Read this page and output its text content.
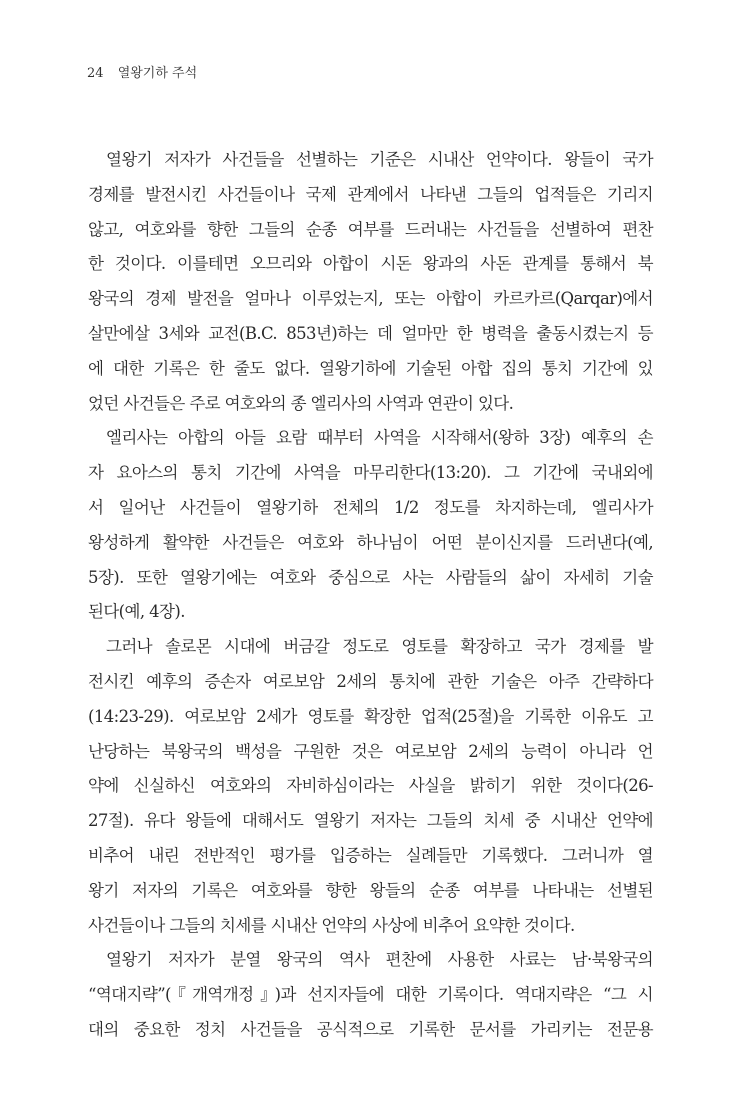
24 열왕기하 주석
열왕기 저자가 사건들을 선별하는 기준은 시내산 언약이다. 왕들이 국가
경제를 발전시킨 사건들이나 국제 관계에서 나타낸 그들의 업적들은 기리지
않고, 여호와를 향한 그들의 순종 여부를 드러내는 사건들을 선별하여 편찬
한 것이다. 이를테면 오므리와 아합이 시돈 왕과의 사돈 관계를 통해서 북
왕국의 경제 발전을 얼마나 이루었는지, 또는 아합이 카르카르(Qarqar)에서
살만에살 3세와 교전(B.C. 853년)하는 데 얼마만 한 병력을 출동시켰는지 등
에 대한 기록은 한 줄도 없다. 열왕기하에 기술된 아합 집의 통치 기간에 있
었던 사건들은 주로 여호와의 종 엘리사의 사역과 연관이 있다.
엘리사는 아합의 아들 요람 때부터 사역을 시작해서(왕하 3장) 예후의 손
자 요아스의 통치 기간에 사역을 마무리한다(13:20). 그 기간에 국내외에
서 일어난 사건들이 열왕기하 전체의 1/2 정도를 차지하는데, 엘리사가
왕성하게 활약한 사건들은 여호와 하나님이 어떤 분이신지를 드러낸다(예,
5장). 또한 열왕기에는 여호와 중심으로 사는 사람들의 삶이 자세히 기술
된다(예, 4장).
그러나 솔로몬 시대에 버금갈 정도로 영토를 확장하고 국가 경제를 발
전시킨 예후의 증손자 여로보암 2세의 통치에 관한 기술은 아주 간략하다
(14:23-29). 여로보암 2세가 영토를 확장한 업적(25절)을 기록한 이유도 고
난당하는 북왕국의 백성을 구원한 것은 여로보암 2세의 능력이 아니라 언
약에 신실하신 여호와의 자비하심이라는 사실을 밝히기 위한 것이다(26-
27절). 유다 왕들에 대해서도 열왕기 저자는 그들의 치세 중 시내산 언약에
비추어 내린 전반적인 평가를 입증하는 실례들만 기록했다. 그러니까 열
왕기 저자의 기록은 여호와를 향한 왕들의 순종 여부를 나타내는 선별된
사건들이나 그들의 치세를 시내산 언약의 사상에 비추어 요약한 것이다.
열왕기 저자가 분열 왕국의 역사 편찬에 사용한 사료는 남·북왕국의
“역대지략”(『개역개정』)과 선지자들에 대한 기록이다. 역대지략은 “그 시
대의 중요한 정치 사건들을 공식적으로 기록한 문서를 가리키는 전문용
